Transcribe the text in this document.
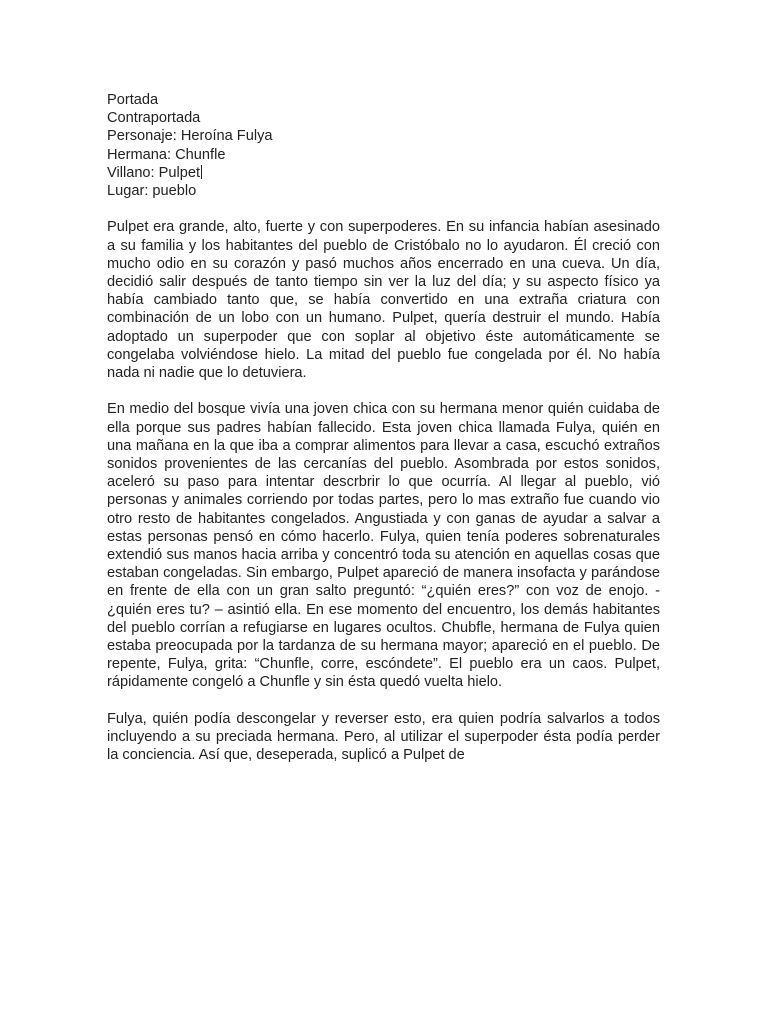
Portada
Contraportada
Personaje: Heroína Fulya
Hermana: Chunfle
Villano: Pulpet
Lugar: pueblo

Pulpet era grande, alto, fuerte y con superpoderes. En su infancia habían asesinado a su familia y los habitantes del pueblo de Cristóbalo no lo ayudaron. Él creció con mucho odio en su corazón y pasó muchos años encerrado en una cueva. Un día, decidió salir después de tanto tiempo sin ver la luz del día; y su aspecto físico ya había cambiado tanto que, se había convertido en una extraña criatura con combinación de un lobo con un humano. Pulpet, quería destruir el mundo. Había adoptado un superpoder que con soplar al objetivo éste automáticamente se congelaba volviéndose hielo. La mitad del pueblo fue congelada por él. No había nada ni nadie que lo detuviera.

En medio del bosque vivía una joven chica con su hermana menor quién cuidaba de ella porque sus padres habían fallecido. Esta joven chica llamada Fulya, quién en una mañana en la que iba a comprar alimentos para llevar a casa, escuchó extraños sonidos provenientes de las cercanías del pueblo. Asombrada por estos sonidos, aceleró su paso para intentar descrbrir lo que ocurría. Al llegar al pueblo, vió personas y animales corriendo por todas partes, pero lo mas extraño fue cuando vio otro resto de habitantes congelados. Angustiada y con ganas de ayudar a salvar a estas personas pensó en cómo hacerlo. Fulya, quien tenía poderes sobrenaturales extendió sus manos hacia arriba y concentró toda su atención en aquellas cosas que estaban congeladas. Sin embargo, Pulpet apareció de manera insofacta y parándose en frente de ella con un gran salto preguntó: “¿quién eres?” con voz de enojo. -¿quién eres tu? – asintió ella. En ese momento del encuentro, los demás habitantes del pueblo corrían a refugiarse en lugares ocultos. Chubfle, hermana de Fulya quien estaba preocupada por la tardanza de su hermana mayor; apareció en el pueblo. De repente, Fulya, grita: “Chunfle, corre, escóndete”. El pueblo era un caos. Pulpet, rápidamente congeló a Chunfle y sin ésta quedó vuelta hielo.

Fulya, quién podía descongelar y reverser esto, era quien podría salvarlos a todos incluyendo a su preciada hermana. Pero, al utilizar el superpoder ésta podía perder la conciencia. Así que, deseperada, suplicó a Pulpet de
